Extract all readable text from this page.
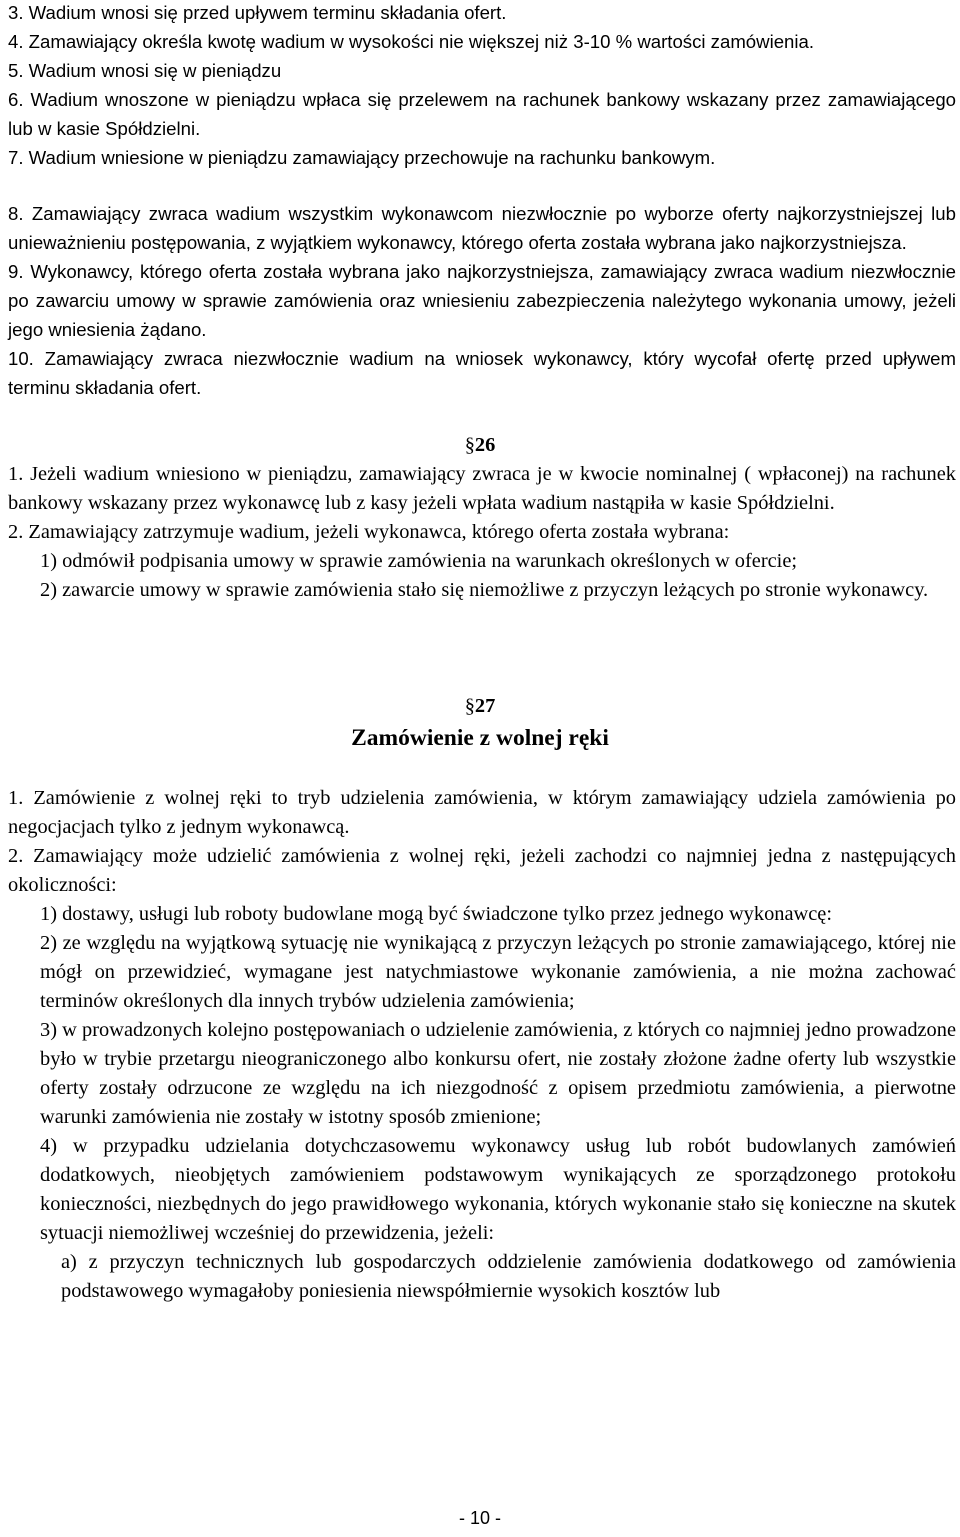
3. Wadium wnosi się przed upływem terminu składania ofert.
4. Zamawiający określa kwotę wadium w wysokości nie większej niż 3-10 % wartości zamówienia.
5. Wadium wnosi się w pieniądzu
6. Wadium wnoszone w pieniądzu wpłaca się przelewem na rachunek bankowy wskazany przez zamawiającego lub w kasie Spółdzielni.
7. Wadium wniesione w pieniądzu zamawiający przechowuje na rachunku bankowym.
8. Zamawiający zwraca wadium wszystkim wykonawcom niezwłocznie po wyborze oferty najkorzystniejszej lub unieważnieniu postępowania, z wyjątkiem wykonawcy, którego oferta została wybrana jako najkorzystniejsza.
9. Wykonawcy, którego oferta została wybrana jako najkorzystniejsza, zamawiający zwraca wadium niezwłocznie po zawarciu umowy w sprawie zamówienia oraz wniesieniu zabezpieczenia należytego wykonania umowy, jeżeli jego wniesienia żądano.
10. Zamawiający zwraca niezwłocznie wadium na wniosek wykonawcy, który wycofał ofertę przed upływem terminu składania ofert.
§26
1. Jeżeli wadium wniesiono w pieniądzu, zamawiający zwraca je w kwocie nominalnej ( wpłaconej) na rachunek bankowy wskazany przez wykonawcę lub z kasy jeżeli wpłata wadium nastąpiła w kasie Spółdzielni.
2. Zamawiający zatrzymuje wadium, jeżeli wykonawca, którego oferta została wybrana:
1) odmówił podpisania umowy w sprawie zamówienia na warunkach określonych w ofercie;
2) zawarcie umowy w sprawie zamówienia stało się niemożliwe z przyczyn leżących po stronie wykonawcy.
§27
Zamówienie z wolnej ręki
1. Zamówienie z wolnej ręki to tryb udzielenia zamówienia, w którym zamawiający udziela zamówienia po negocjacjach tylko z jednym wykonawcą.
2. Zamawiający może udzielić zamówienia z wolnej ręki, jeżeli zachodzi co najmniej jedna z następujących okoliczności:
1) dostawy, usługi lub roboty budowlane mogą być świadczone tylko przez jednego wykonawcę:
2) ze względu na wyjątkową sytuację nie wynikającą z przyczyn leżących po stronie zamawiającego, której nie mógł on przewidzieć, wymagane jest natychmiastowe wykonanie zamówienia, a nie można zachować terminów określonych dla innych trybów udzielenia zamówienia;
3) w prowadzonych kolejno postępowaniach o udzielenie zamówienia, z których co najmniej jedno prowadzone było w trybie przetargu nieograniczonego albo konkursu ofert, nie zostały złożone żadne oferty lub wszystkie oferty zostały odrzucone ze względu na ich niezgodność z opisem przedmiotu zamówienia, a pierwotne warunki zamówienia nie zostały w istotny sposób zmienione;
4) w przypadku udzielania dotychczasowemu wykonawcy usług lub robót budowlanych zamówień dodatkowych, nieobjętych zamówieniem podstawowym wynikających ze sporządzonego protokołu konieczności, niezbędnych do jego prawidłowego wykonania, których wykonanie stało się konieczne na skutek sytuacji niemożliwej wcześniej do przewidzenia, jeżeli:
a) z przyczyn technicznych lub gospodarczych oddzielenie zamówienia dodatkowego od zamówienia podstawowego wymagałoby poniesienia niewspółmiernie wysokich kosztów lub
- 10 -
